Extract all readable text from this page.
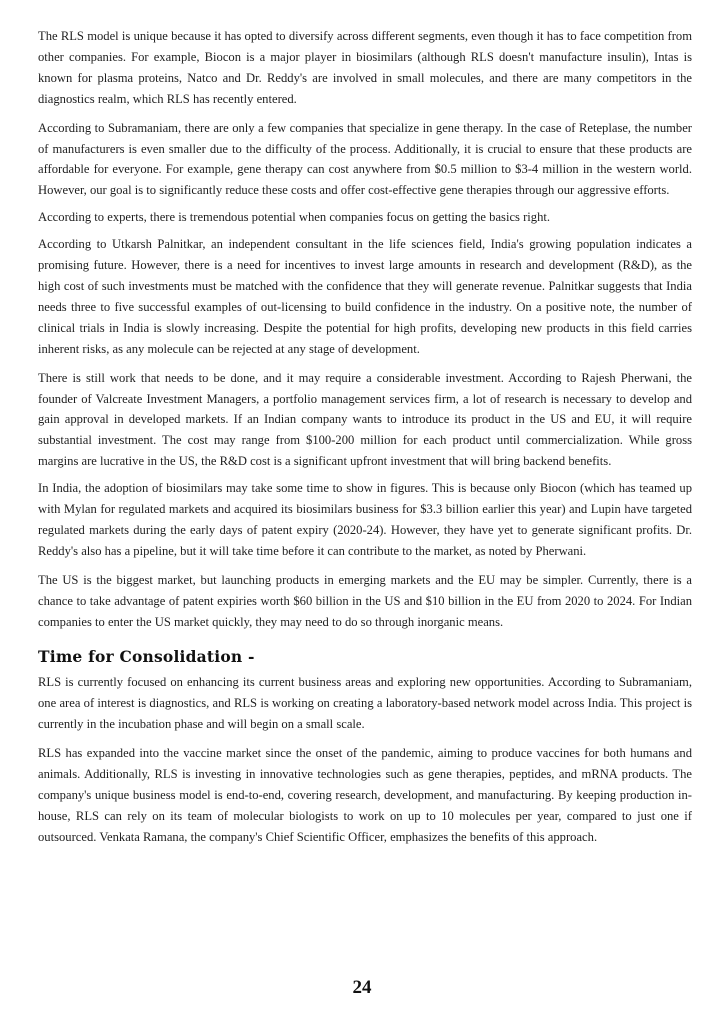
The RLS model is unique because it has opted to diversify across different segments, even though it has to face competition from other companies. For example, Biocon is a major player in biosimilars (although RLS doesn't manufacture insulin), Intas is known for plasma proteins, Natco and Dr. Reddy's are involved in small molecules, and there are many competitors in the diagnostics realm, which RLS has recently entered.

According to Subramaniam, there are only a few companies that specialize in gene therapy. In the case of Reteplase, the number of manufacturers is even smaller due to the difficulty of the process. Additionally, it is crucial to ensure that these products are affordable for everyone. For example, gene therapy can cost anywhere from $0.5 million to $3-4 million in the western world. However, our goal is to significantly reduce these costs and offer cost-effective gene therapies through our aggressive efforts.

According to experts, there is tremendous potential when companies focus on getting the basics right.

According to Utkarsh Palnitkar, an independent consultant in the life sciences field, India's growing population indicates a promising future. However, there is a need for incentives to invest large amounts in research and development (R&D), as the high cost of such investments must be matched with the confidence that they will generate revenue. Palnitkar suggests that India needs three to five successful examples of out-licensing to build confidence in the industry. On a positive note, the number of clinical trials in India is slowly increasing. Despite the potential for high profits, developing new products in this field carries inherent risks, as any molecule can be rejected at any stage of development.

There is still work that needs to be done, and it may require a considerable investment. According to Rajesh Pherwani, the founder of Valcreate Investment Managers, a portfolio management services firm, a lot of research is necessary to develop and gain approval in developed markets. If an Indian company wants to introduce its product in the US and EU, it will require substantial investment. The cost may range from $100-200 million for each product until commercialization. While gross margins are lucrative in the US, the R&D cost is a significant upfront investment that will bring backend benefits.

In India, the adoption of biosimilars may take some time to show in figures. This is because only Biocon (which has teamed up with Mylan for regulated markets and acquired its biosimilars business for $3.3 billion earlier this year) and Lupin have targeted regulated markets during the early days of patent expiry (2020-24). However, they have yet to generate significant profits. Dr. Reddy's also has a pipeline, but it will take time before it can contribute to the market, as noted by Pherwani.

The US is the biggest market, but launching products in emerging markets and the EU may be simpler. Currently, there is a chance to take advantage of patent expiries worth $60 billion in the US and $10 billion in the EU from 2020 to 2024. For Indian companies to enter the US market quickly, they may need to do so through inorganic means.

Time for Consolidation -

RLS is currently focused on enhancing its current business areas and exploring new opportunities. According to Subramaniam, one area of interest is diagnostics, and RLS is working on creating a laboratory-based network model across India. This project is currently in the incubation phase and will begin on a small scale.

RLS has expanded into the vaccine market since the onset of the pandemic, aiming to produce vaccines for both humans and animals. Additionally, RLS is investing in innovative technologies such as gene therapies, peptides, and mRNA products. The company's unique business model is end-to-end, covering research, development, and manufacturing. By keeping production in-house, RLS can rely on its team of molecular biologists to work on up to 10 molecules per year, compared to just one if outsourced. Venkata Ramana, the company's Chief Scientific Officer, emphasizes the benefits of this approach.

24
